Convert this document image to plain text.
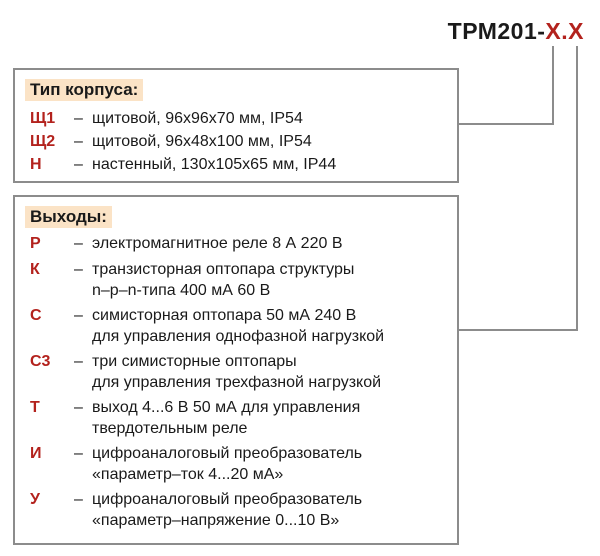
ТРМ201-Х.Х
Тип корпуса:
Щ1	– щитовой, 96х96х70 мм, IP54
Щ2	– щитовой, 96х48х100 мм, IP54
Н	– настенный, 130х105х65 мм, IP44
Выходы:
Р	– электромагнитное реле 8 А 220 В
К	– транзисторная оптопара структуры
n–p–n-типа 400 мА 60 В
С	– симисторная оптопара 50 мА 240 В
для управления однофазной нагрузкой
С3	– три симисторные оптопары
для управления трехфазной нагрузкой
Т	– выход 4...6 В 50 мА для управления
твердотельным реле
И	– цифроаналоговый преобразователь
«параметр–ток 4...20 мА»
У	– цифроаналоговый преобразователь
«параметр–напряжение 0...10 В»
